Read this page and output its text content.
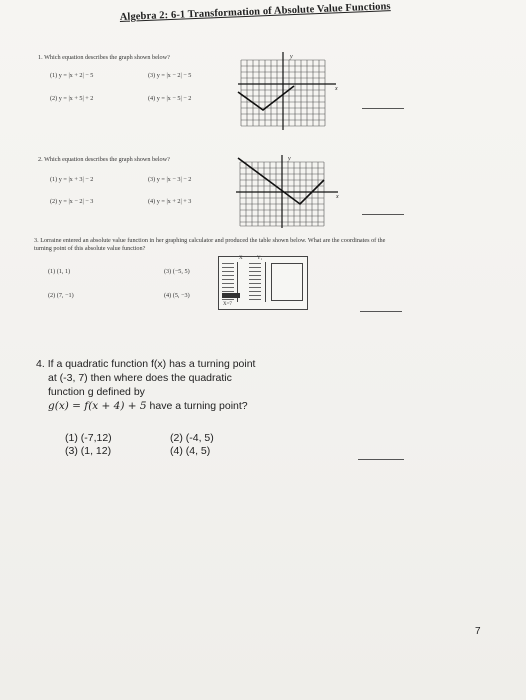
Algebra 2: 6-1 Transformation of Absolute Value Functions
1. Which equation describes the graph shown below?
(1) y = |x + 2| − 5	(3) y = |x − 2| − 5
(2) y = |x + 5| + 2	(4) y = |x − 5| − 2
y
x
2. Which equation describes the graph shown below?
(1) y = |x + 3| − 2	(3) y = |x − 3| − 2
(2) y = |x − 2| − 3	(4) y = |x + 2| + 3
y
x
3. Lorraine entered an absolute value function in her graphing calculator and produced the table shown below. What are the coordinates of the turning point of this absolute value function?
(1) (1, 1)	(3) (−5, 5)
(2) (7, −1)	(4) (5, −3)
X	Y₁
X=7
4. If a quadratic function f(x) has a turning point
at (-3, 7) then where does the quadratic
function g defined by
g(x) = f(x + 4) + 5 have a turning point?
(1) (-7,12)	(2) (-4, 5)
(3) (1, 12)	(4) (4, 5)
7
